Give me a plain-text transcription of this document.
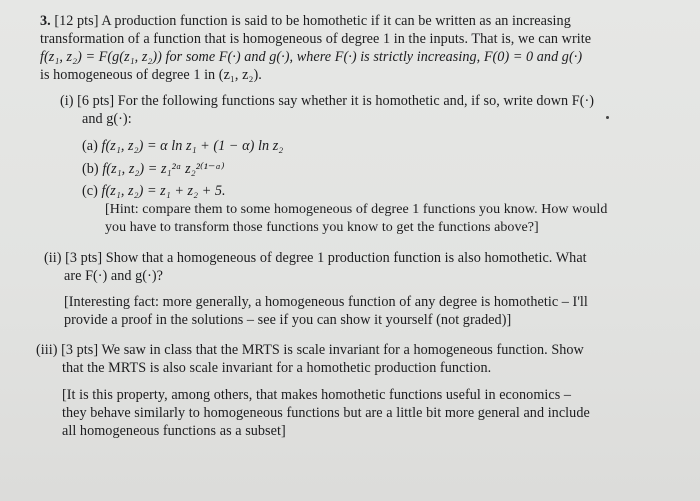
3. [12 pts] A production function is said to be homothetic if it can be written as an increasing
transformation of a function that is homogeneous of degree 1 in the inputs. That is, we can write
f(z₁, z₂) = F(g(z₁, z₂)) for some F(·) and g(·), where F(·) is strictly increasing, F(0) = 0 and g(·)
is homogeneous of degree 1 in (z₁, z₂).
(i) [6 pts] For the following functions say whether it is homothetic and, if so, write down F(·)
and g(·):
(a) f(z₁, z₂) = α ln z₁ + (1 − α) ln z₂
(b) f(z₁, z₂) = z₁²ᵅ z₂²⁽¹⁻ᵅ⁾
(c) f(z₁, z₂) = z₁ + z₂ + 5.
[Hint: compare them to some homogeneous of degree 1 functions you know. How would
you have to transform those functions you know to get the functions above?]
(ii) [3 pts] Show that a homogeneous of degree 1 production function is also homothetic. What
are F(·) and g(·)?
[Interesting fact: more generally, a homogeneous function of any degree is homothetic – I'll
provide a proof in the solutions – see if you can show it yourself (not graded)]
(iii) [3 pts] We saw in class that the MRTS is scale invariant for a homogeneous function. Show
that the MRTS is also scale invariant for a homothetic production function.
[It is this property, among others, that makes homothetic functions useful in economics –
they behave similarly to homogeneous functions but are a little bit more general and include
all homogeneous functions as a subset]
